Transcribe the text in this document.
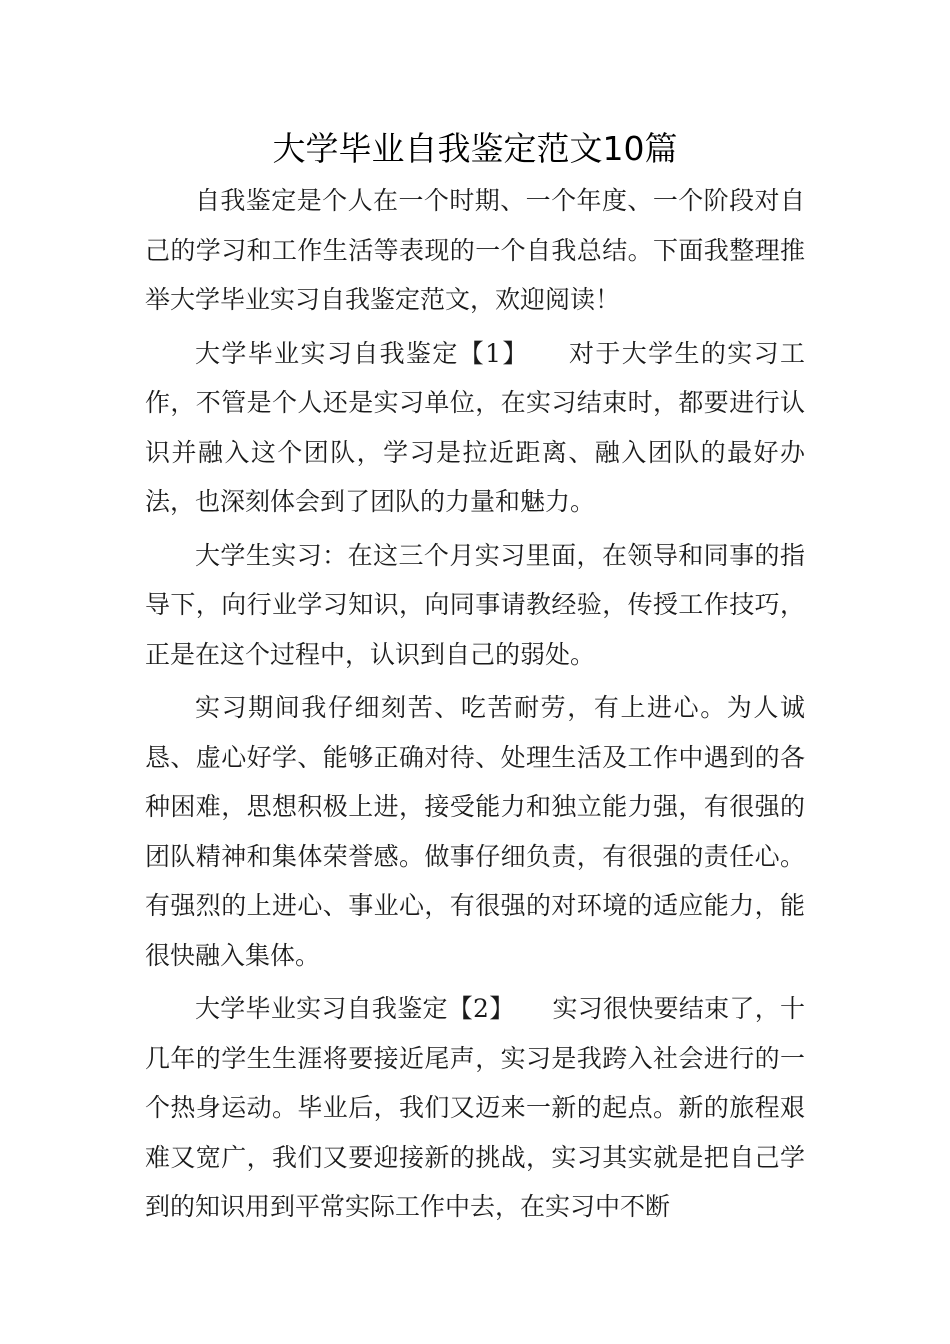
大学毕业自我鉴定范文10篇

自我鉴定是个人在一个时期、一个年度、一个阶段对自己的学习和工作生活等表现的一个自我总结。下面我整理推举大学毕业实习自我鉴定范文，欢迎阅读！

大学毕业实习自我鉴定【1】　　对于大学生的实习工作，不管是个人还是实习单位，在实习结束时，都要进行认识并融入这个团队，学习是拉近距离、融入团队的最好办法，也深刻体会到了团队的力量和魅力。

大学生实习：在这三个月实习里面，在领导和同事的指导下，向行业学习知识，向同事请教经验，传授工作技巧，正是在这个过程中，认识到自己的弱处。

实习期间我仔细刻苦、吃苦耐劳，有上进心。为人诚恳、虚心好学、能够正确对待、处理生活及工作中遇到的各种困难，思想积极上进，接受能力和独立能力强，有很强的团队精神和集体荣誉感。做事仔细负责，有很强的责任心。有强烈的上进心、事业心，有很强的对环境的适应能力，能很快融入集体。

大学毕业实习自我鉴定【2】　　实习很快要结束了，十几年的学生生涯将要接近尾声，实习是我跨入社会进行的一个热身运动。毕业后，我们又迈来一新的起点。新的旅程艰难又宽广，我们又要迎接新的挑战，实习其实就是把自己学到的知识用到平常实际工作中去，在实习中不断
